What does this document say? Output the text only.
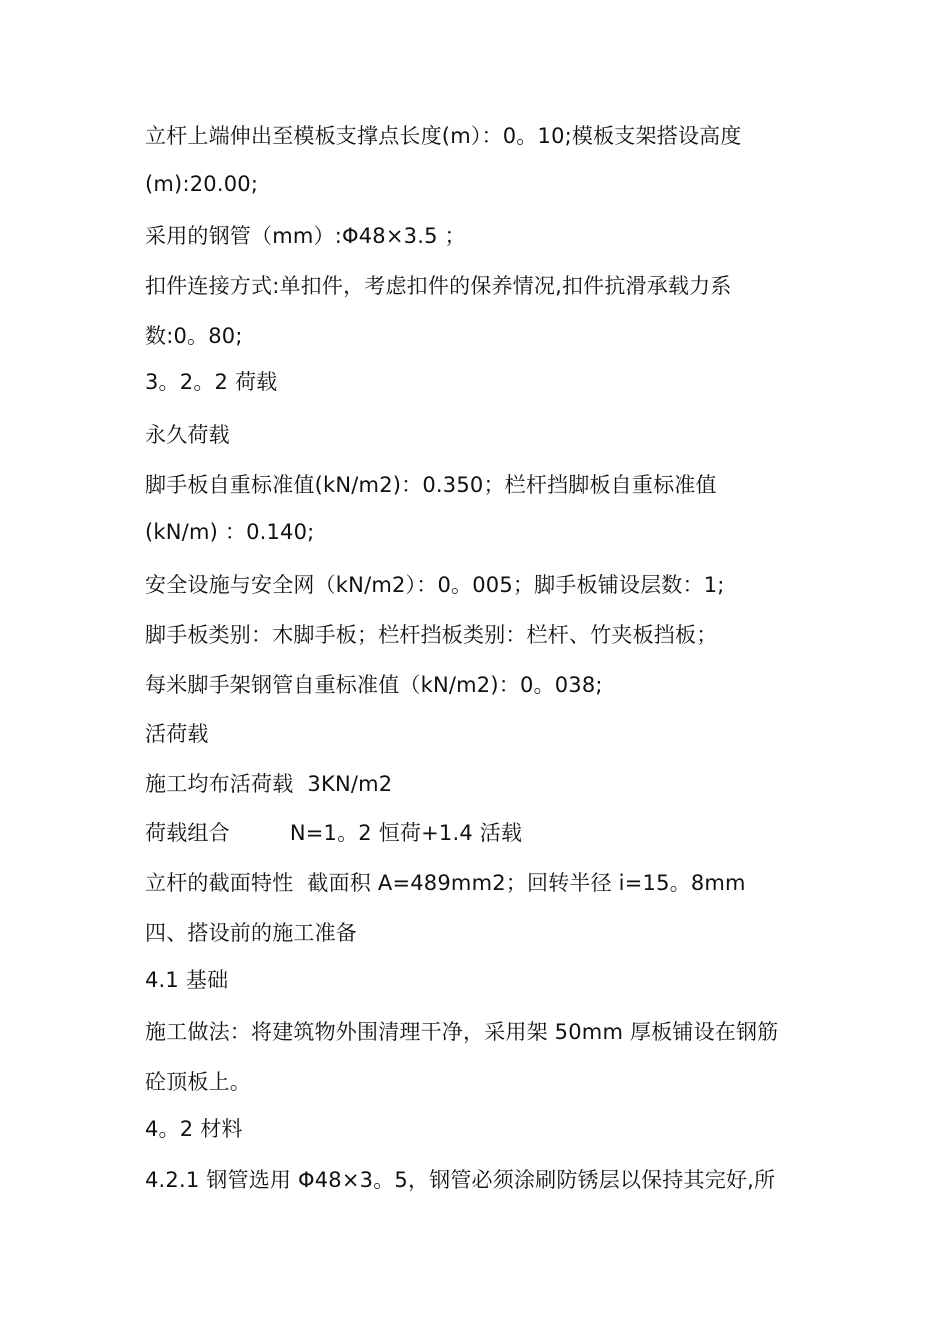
立杆上端伸出至模板支撑点长度(m）：0。10;模板支架搭设高度
(m):20.00;
采用的钢管（mm）:Φ48×3.5 ；
扣件连接方式:单扣件，考虑扣件的保养情况,扣件抗滑承载力系
数:0。80;
3。2。2 荷载
永久荷载
脚手板自重标准值(kN/m2)：0.350；栏杆挡脚板自重标准值
(kN/m) ：0.140;
安全设施与安全网（kN/m2）：0。005；脚手板铺设层数：1;
脚手板类别：木脚手板；栏杆挡板类别：栏杆、竹夹板挡板；
每米脚手架钢管自重标准值（kN/m2)：0。038;
活荷载
施工均布活荷载 3KN/m2
荷载组合	N=1。2 恒荷+1.4 活载
立杆的截面特性 截面积 A=489mm2；回转半径 i=15。8mm
四、搭设前的施工准备
4.1 基础
施工做法：将建筑物外围清理干净，采用架 50mm 厚板铺设在钢筋
砼顶板上。
4。2 材料
4.2.1 钢管选用 Φ48×3。5，钢管必须涂刷防锈层以保持其完好,所
